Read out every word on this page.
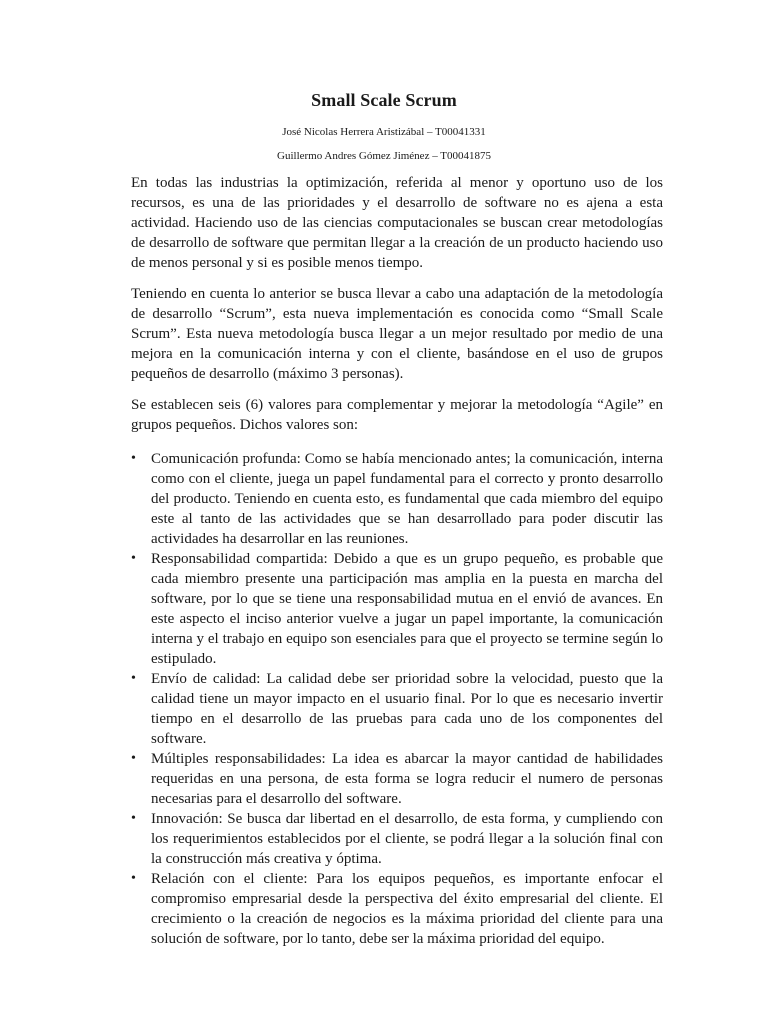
Small Scale Scrum
José Nicolas Herrera Aristizábal – T00041331
Guillermo Andres Gómez Jiménez – T00041875

En todas las industrias la optimización, referida al menor y oportuno uso de los recursos, es una de las prioridades y el desarrollo de software no es ajena a esta actividad. Haciendo uso de las ciencias computacionales se buscan crear metodologías de desarrollo de software que permitan llegar a la creación de un producto haciendo uso de menos personal y si es posible menos tiempo.

Teniendo en cuenta lo anterior se busca llevar a cabo una adaptación de la metodología de desarrollo “Scrum”, esta nueva implementación es conocida como “Small Scale Scrum”. Esta nueva metodología busca llegar a un mejor resultado por medio de una mejora en la comunicación interna y con el cliente, basándose en el uso de grupos pequeños de desarrollo (máximo 3 personas).

Se establecen seis (6) valores para complementar y mejorar la metodología “Agile” en grupos pequeños. Dichos valores son:

•	Comunicación profunda: Como se había mencionado antes; la comunicación, interna como con el cliente, juega un papel fundamental para el correcto y pronto desarrollo del producto. Teniendo en cuenta esto, es fundamental que cada miembro del equipo este al tanto de las actividades que se han desarrollado para poder discutir las actividades ha desarrollar en las reuniones.
•	Responsabilidad compartida: Debido a que es un grupo pequeño, es probable que cada miembro presente una participación mas amplia en la puesta en marcha del software, por lo que se tiene una responsabilidad mutua en el envió de avances. En este aspecto el inciso anterior vuelve a jugar un papel importante, la comunicación interna y el trabajo en equipo son esenciales para que el proyecto se termine según lo estipulado.
•	Envío de calidad: La calidad debe ser prioridad sobre la velocidad, puesto que la calidad tiene un mayor impacto en el usuario final. Por lo que es necesario invertir tiempo en el desarrollo de las pruebas para cada uno de los componentes del software.
•	Múltiples responsabilidades: La idea es abarcar la mayor cantidad de habilidades requeridas en una persona, de esta forma se logra reducir el numero de personas necesarias para el desarrollo del software.
•	Innovación: Se busca dar libertad en el desarrollo, de esta forma, y cumpliendo con los requerimientos establecidos por el cliente, se podrá llegar a la solución final con la construcción más creativa y óptima.
•	Relación con el cliente: Para los equipos pequeños, es importante enfocar el compromiso empresarial desde la perspectiva del éxito empresarial del cliente. El crecimiento o la creación de negocios es la máxima prioridad del cliente para una solución de software, por lo tanto, debe ser la máxima prioridad del equipo.
